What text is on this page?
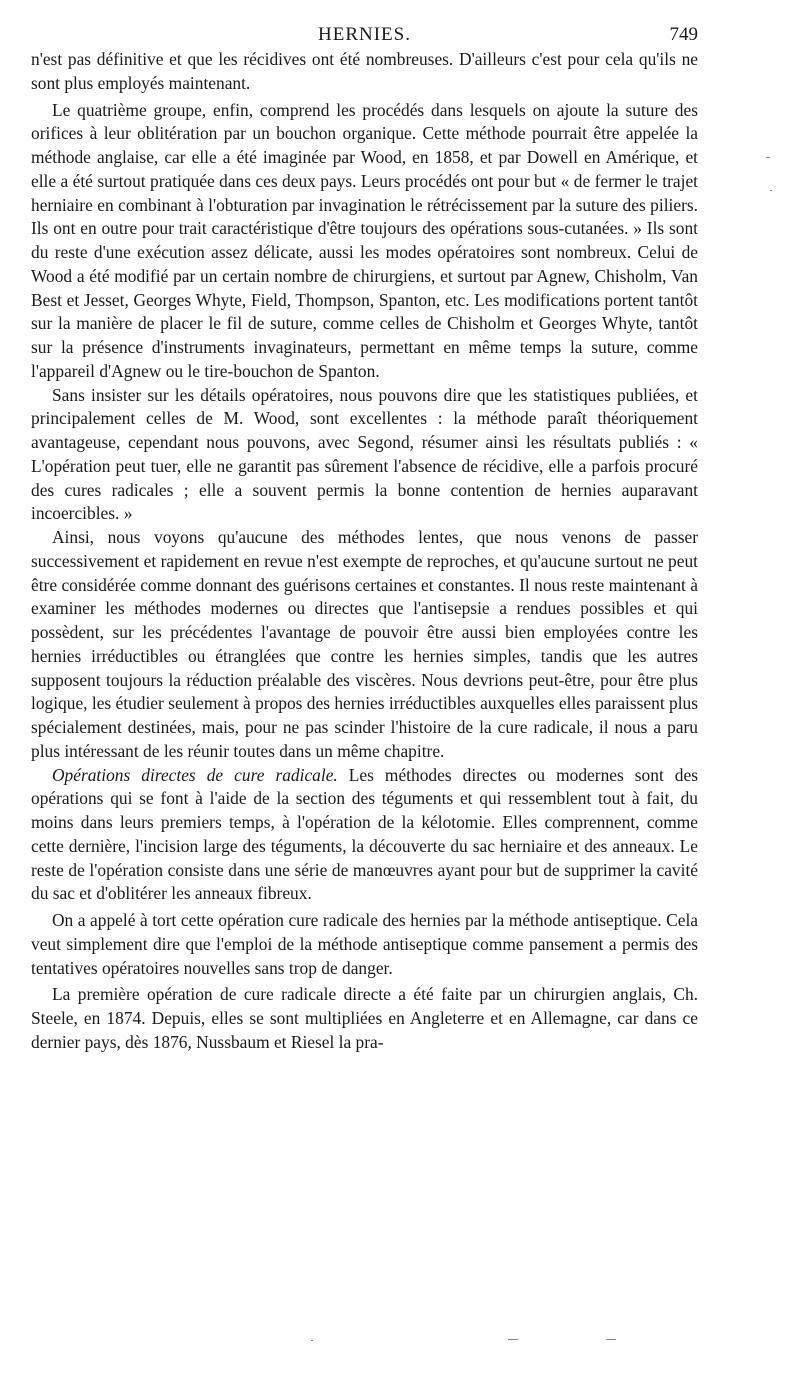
HERNIES.	749

n'est pas définitive et que les récidives ont été nombreuses. D'ailleurs c'est pour cela qu'ils ne sont plus employés maintenant.

Le quatrième groupe, enfin, comprend les procédés dans lesquels on ajoute la suture des orifices à leur oblitération par un bouchon organique. Cette méthode pourrait être appelée la méthode anglaise, car elle a été imaginée par Wood, en 1858, et par Dowell en Amérique, et elle a été surtout pratiquée dans ces deux pays. Leurs procédés ont pour but « de fermer le trajet herniaire en combinant à l'obturation par invagination le rétrécissement par la suture des piliers. Ils ont en outre pour trait caractéristique d'être toujours des opérations sous-cutanées. » Ils sont du reste d'une exécution assez délicate, aussi les modes opératoires sont nombreux. Celui de Wood a été modifié par un certain nombre de chirurgiens, et surtout par Agnew, Chisholm, Van Best et Jesset, Georges Whyte, Field, Thompson, Spanton, etc. Les modifications portent tantôt sur la manière de placer le fil de suture, comme celles de Chisholm et Georges Whyte, tantôt sur la présence d'instruments invaginateurs, permettant en même temps la suture, comme l'appareil d'Agnew ou le tire-bouchon de Spanton.

Sans insister sur les détails opératoires, nous pouvons dire que les statistiques publiées, et principalement celles de M. Wood, sont excellentes : la méthode paraît théoriquement avantageuse, cependant nous pouvons, avec Segond, résumer ainsi les résultats publiés : « L'opération peut tuer, elle ne garantit pas sûrement l'absence de récidive, elle a parfois procuré des cures radicales ; elle a souvent permis la bonne contention de hernies auparavant incoercibles. »

Ainsi, nous voyons qu'aucune des méthodes lentes, que nous venons de passer successivement et rapidement en revue n'est exempte de reproches, et qu'aucune surtout ne peut être considérée comme donnant des guérisons certaines et constantes. Il nous reste maintenant à examiner les méthodes modernes ou directes que l'antisepsie a rendues possibles et qui possèdent, sur les précédentes l'avantage de pouvoir être aussi bien employées contre les hernies irréductibles ou étranglées que contre les hernies simples, tandis que les autres supposent toujours la réduction préalable des viscères. Nous devrions peut-être, pour être plus logique, les étudier seulement à propos des hernies irréductibles auxquelles elles paraissent plus spécialement destinées, mais, pour ne pas scinder l'histoire de la cure radicale, il nous a paru plus intéressant de les réunir toutes dans un même chapitre.

Opérations directes de cure radicale. Les méthodes directes ou modernes sont des opérations qui se font à l'aide de la section des téguments et qui ressemblent tout à fait, du moins dans leurs premiers temps, à l'opération de la kélotomie. Elles comprennent, comme cette dernière, l'incision large des téguments, la découverte du sac herniaire et des anneaux. Le reste de l'opération consiste dans une série de manœuvres ayant pour but de supprimer la cavité du sac et d'oblitérer les anneaux fibreux.

On a appelé à tort cette opération cure radicale des hernies par la méthode antiseptique. Cela veut simplement dire que l'emploi de la méthode antiseptique comme pansement a permis des tentatives opératoires nouvelles sans trop de danger.

La première opération de cure radicale directe a été faite par un chirurgien anglais, Ch. Steele, en 1874. Depuis, elles se sont multipliées en Angleterre et en Allemagne, car dans ce dernier pays, dès 1876, Nussbaum et Riesel la pra-
